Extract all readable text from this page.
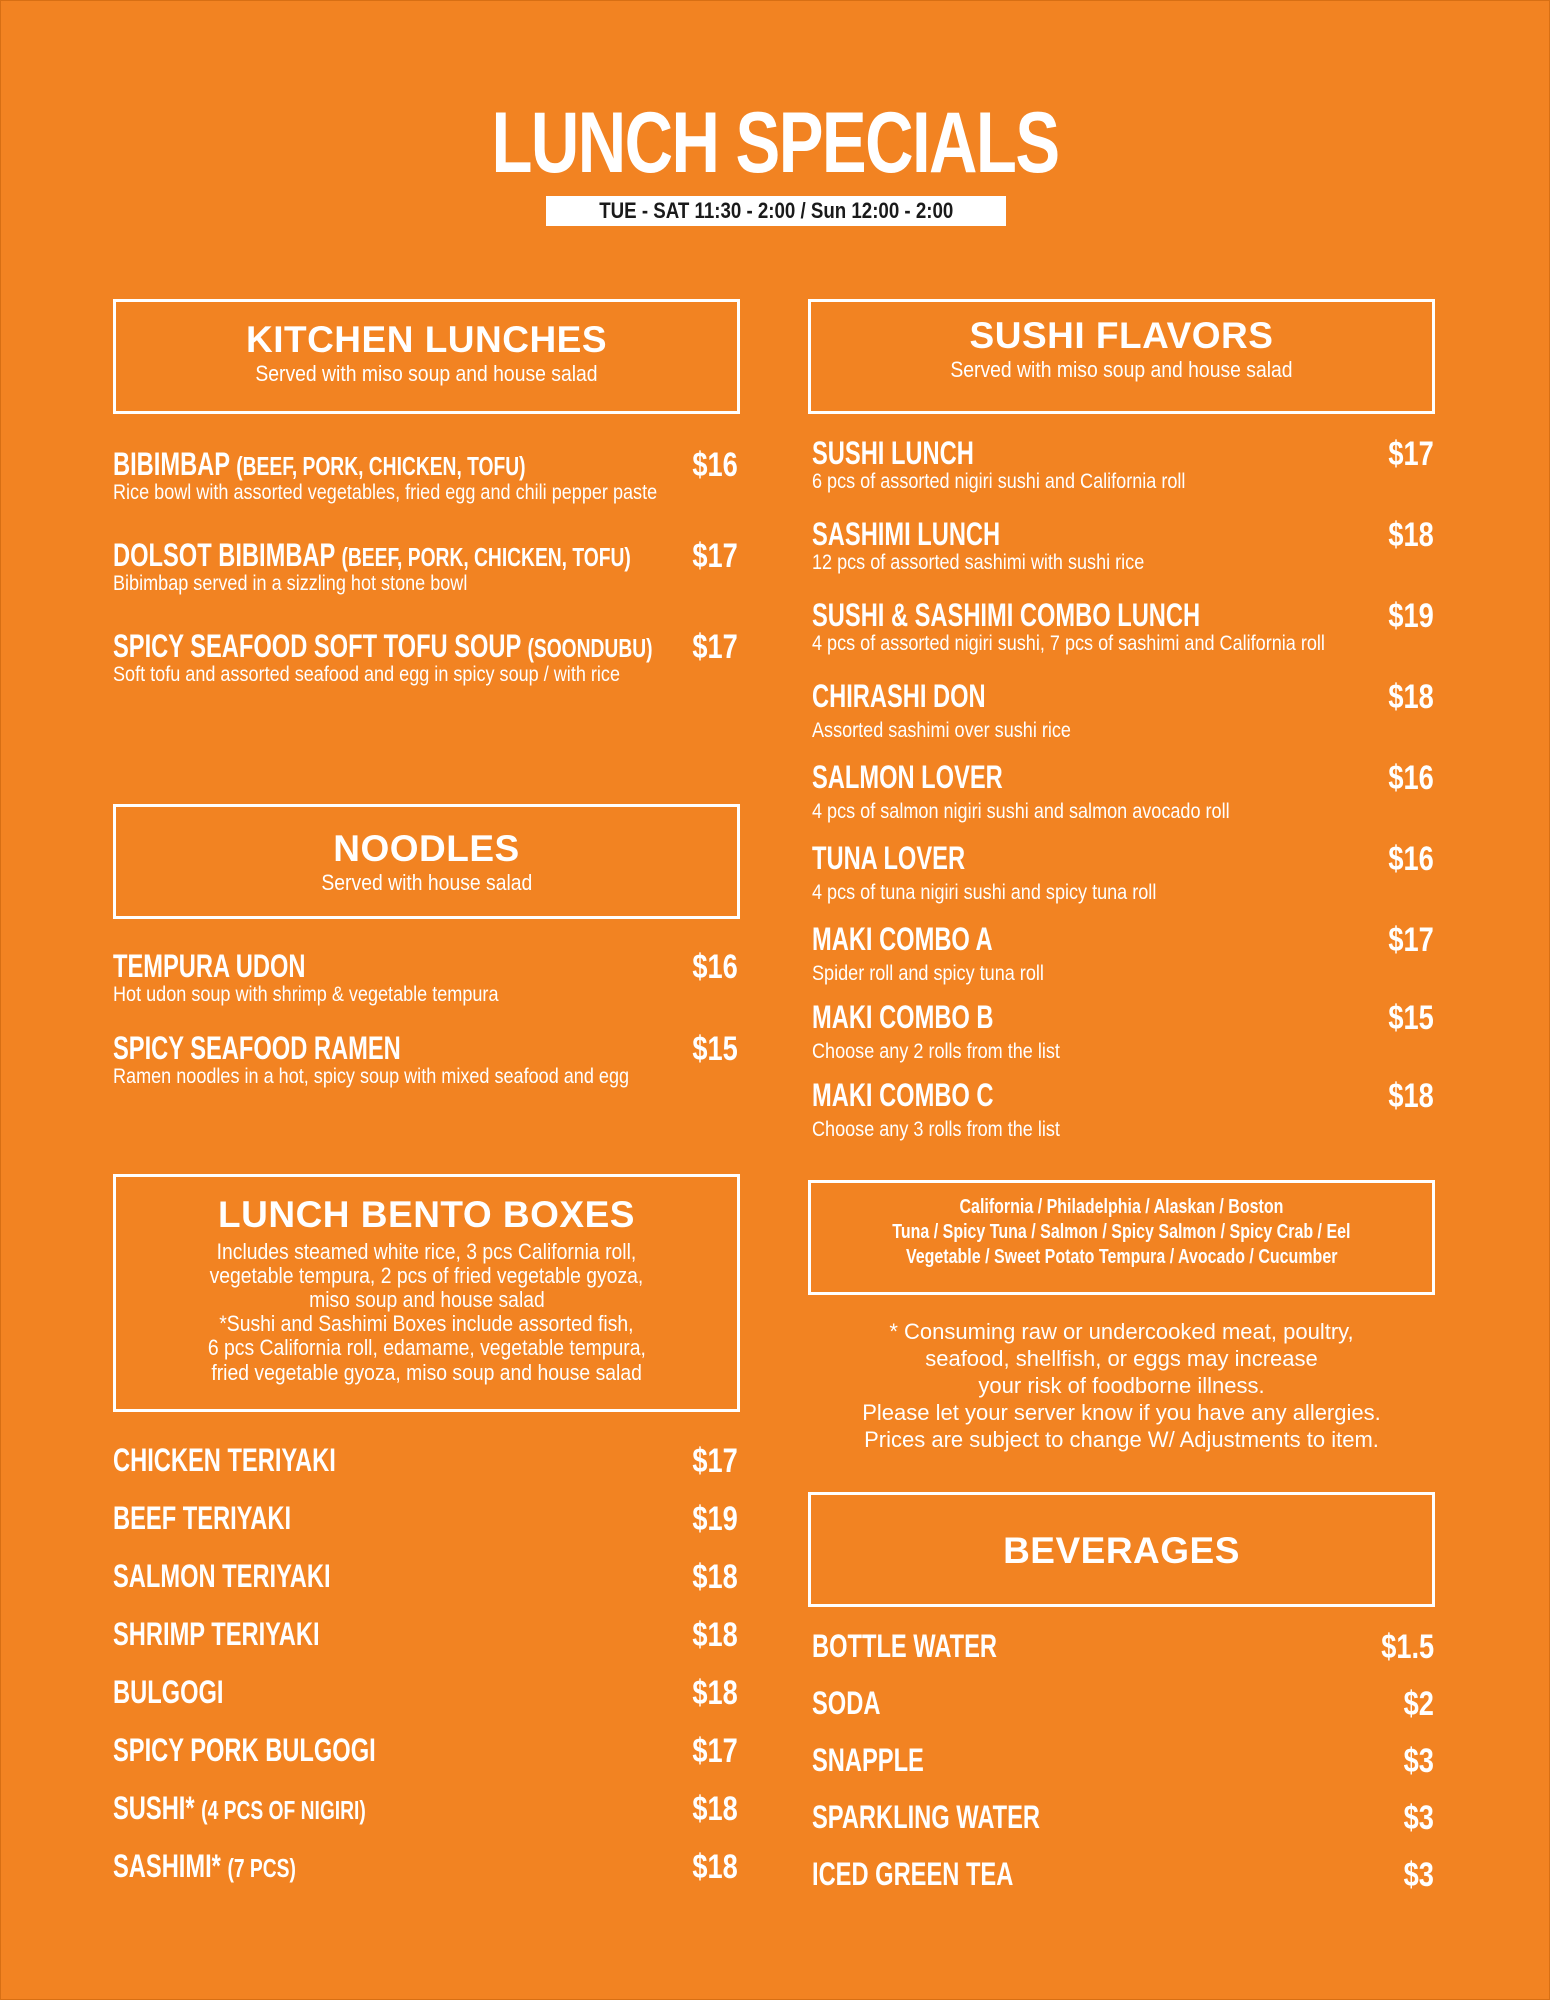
LUNCH SPECIALS
TUE - SAT 11:30 - 2:00 / Sun 12:00 - 2:00
KITCHEN LUNCHES
Served with miso soup and house salad
BIBIMBAP (BEEF, PORK, CHICKEN, TOFU)	$16
Rice bowl with assorted vegetables, fried egg and chili pepper paste
DOLSOT BIBIMBAP (BEEF, PORK, CHICKEN, TOFU) $17
Bibimbap served in a sizzling hot stone bowl
SPICY SEAFOOD SOFT TOFU SOUP (SOONDUBU) $17
Soft tofu and assorted seafood and egg in spicy soup / with rice
NOODLES
Served with house salad
TEMPURA UDON	$16
Hot udon soup with shrimp & vegetable tempura
SPICY SEAFOOD RAMEN	$15
Ramen noodles in a hot, spicy soup with mixed seafood and egg
LUNCH BENTO BOXES
Includes steamed white rice, 3 pcs California roll,
vegetable tempura, 2 pcs of fried vegetable gyoza,
miso soup and house salad
*Sushi and Sashimi Boxes include assorted fish,
6 pcs California roll, edamame, vegetable tempura,
fried vegetable gyoza, miso soup and house salad
CHICKEN TERIYAKI	$17
BEEF TERIYAKI	$19
SALMON TERIYAKI	$18
SHRIMP TERIYAKI	$18
BULGOGI	$18
SPICY PORK BULGOGI	$17
SUSHI* (4 PCS OF NIGIRI)	$18
SASHIMI* (7 PCS)	$18
SUSHI FLAVORS
Served with miso soup and house salad
SUSHI LUNCH	$17
6 pcs of assorted nigiri sushi and California roll
SASHIMI LUNCH	$18
12 pcs of assorted sashimi with sushi rice
SUSHI & SASHIMI COMBO LUNCH	$19
4 pcs of assorted nigiri sushi, 7 pcs of sashimi and California roll
CHIRASHI DON	$18
Assorted sashimi over sushi rice
SALMON LOVER	$16
4 pcs of salmon nigiri sushi and salmon avocado roll
TUNA LOVER	$16
4 pcs of tuna nigiri sushi and spicy tuna roll
MAKI COMBO A	$17
Spider roll and spicy tuna roll
MAKI COMBO B	$15
Choose any 2 rolls from the list
MAKI COMBO C	$18
Choose any 3 rolls from the list
California / Philadelphia / Alaskan / Boston
Tuna / Spicy Tuna / Salmon / Spicy Salmon / Spicy Crab / Eel
Vegetable / Sweet Potato Tempura / Avocado / Cucumber
* Consuming raw or undercooked meat, poultry,
seafood, shellfish, or eggs may increase
your risk of foodborne illness.
Please let your server know if you have any allergies.
Prices are subject to change W/ Adjustments to item.
BEVERAGES
BOTTLE WATER	$1.5
SODA	$2
SNAPPLE	$3
SPARKLING WATER	$3
ICED GREEN TEA	$3
